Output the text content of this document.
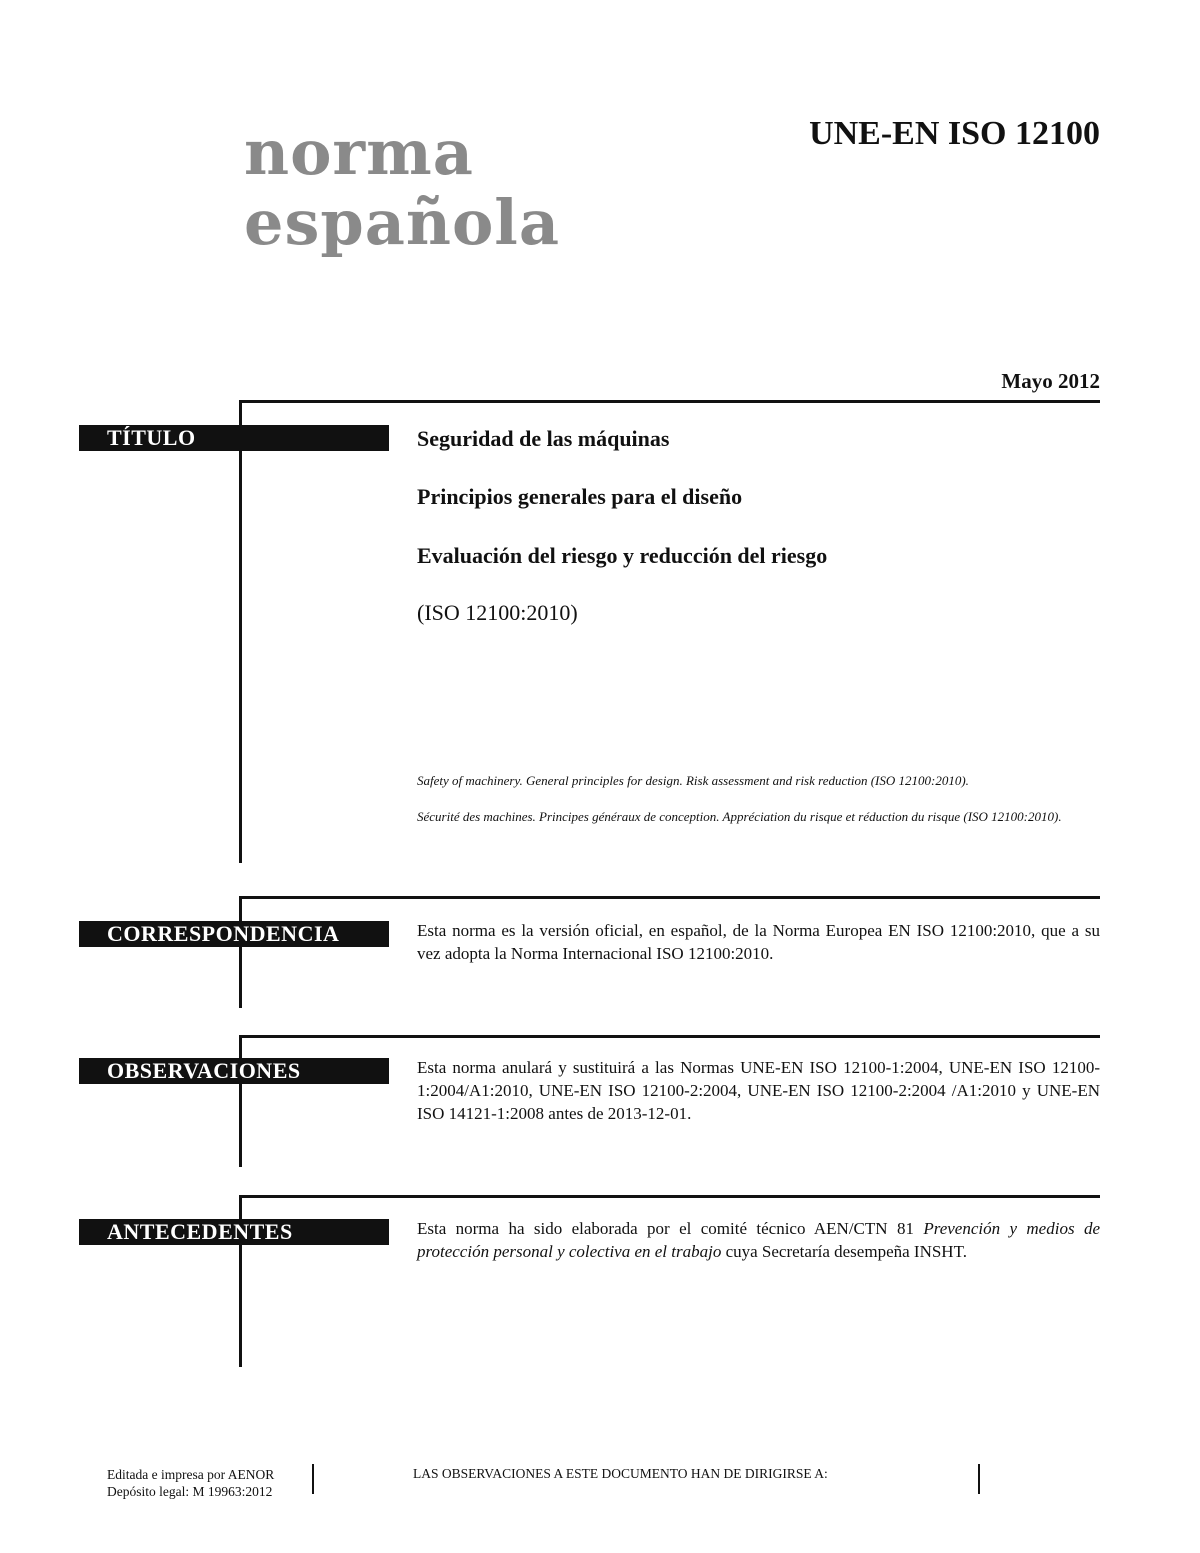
norma
española
UNE-EN ISO 12100
Mayo 2012
TÍTULO	Seguridad de las máquinas
Principios generales para el diseño
Evaluación del riesgo y reducción del riesgo
(ISO 12100:2010)
Safety of machinery. General principles for design. Risk assessment and risk reduction (ISO 12100:2010).
Sécurité des machines. Principes généraux de conception. Appréciation du risque et réduction du risque (ISO 12100:2010).
CORRESPONDENCIA	Esta norma es la versión oficial, en español, de la Norma Europea EN ISO 12100:2010, que a su vez adopta la Norma Internacional ISO 12100:2010.
OBSERVACIONES	Esta norma anulará y sustituirá a las Normas UNE-EN ISO 12100-1:2004, UNE-EN ISO 12100-1:2004/A1:2010, UNE-EN ISO 12100-2:2004, UNE-EN ISO 12100-2:2004 /A1:2010 y UNE-EN ISO 14121-1:2008 antes de 2013-12-01.
ANTECEDENTES	Esta norma ha sido elaborada por el comité técnico AEN/CTN 81 Prevención y medios de protección personal y colectiva en el trabajo cuya Secretaría desempeña INSHT.
Editada e impresa por AENOR
Depósito legal: M 19963:2012
LAS OBSERVACIONES A ESTE DOCUMENTO HAN DE DIRIGIRSE A:
